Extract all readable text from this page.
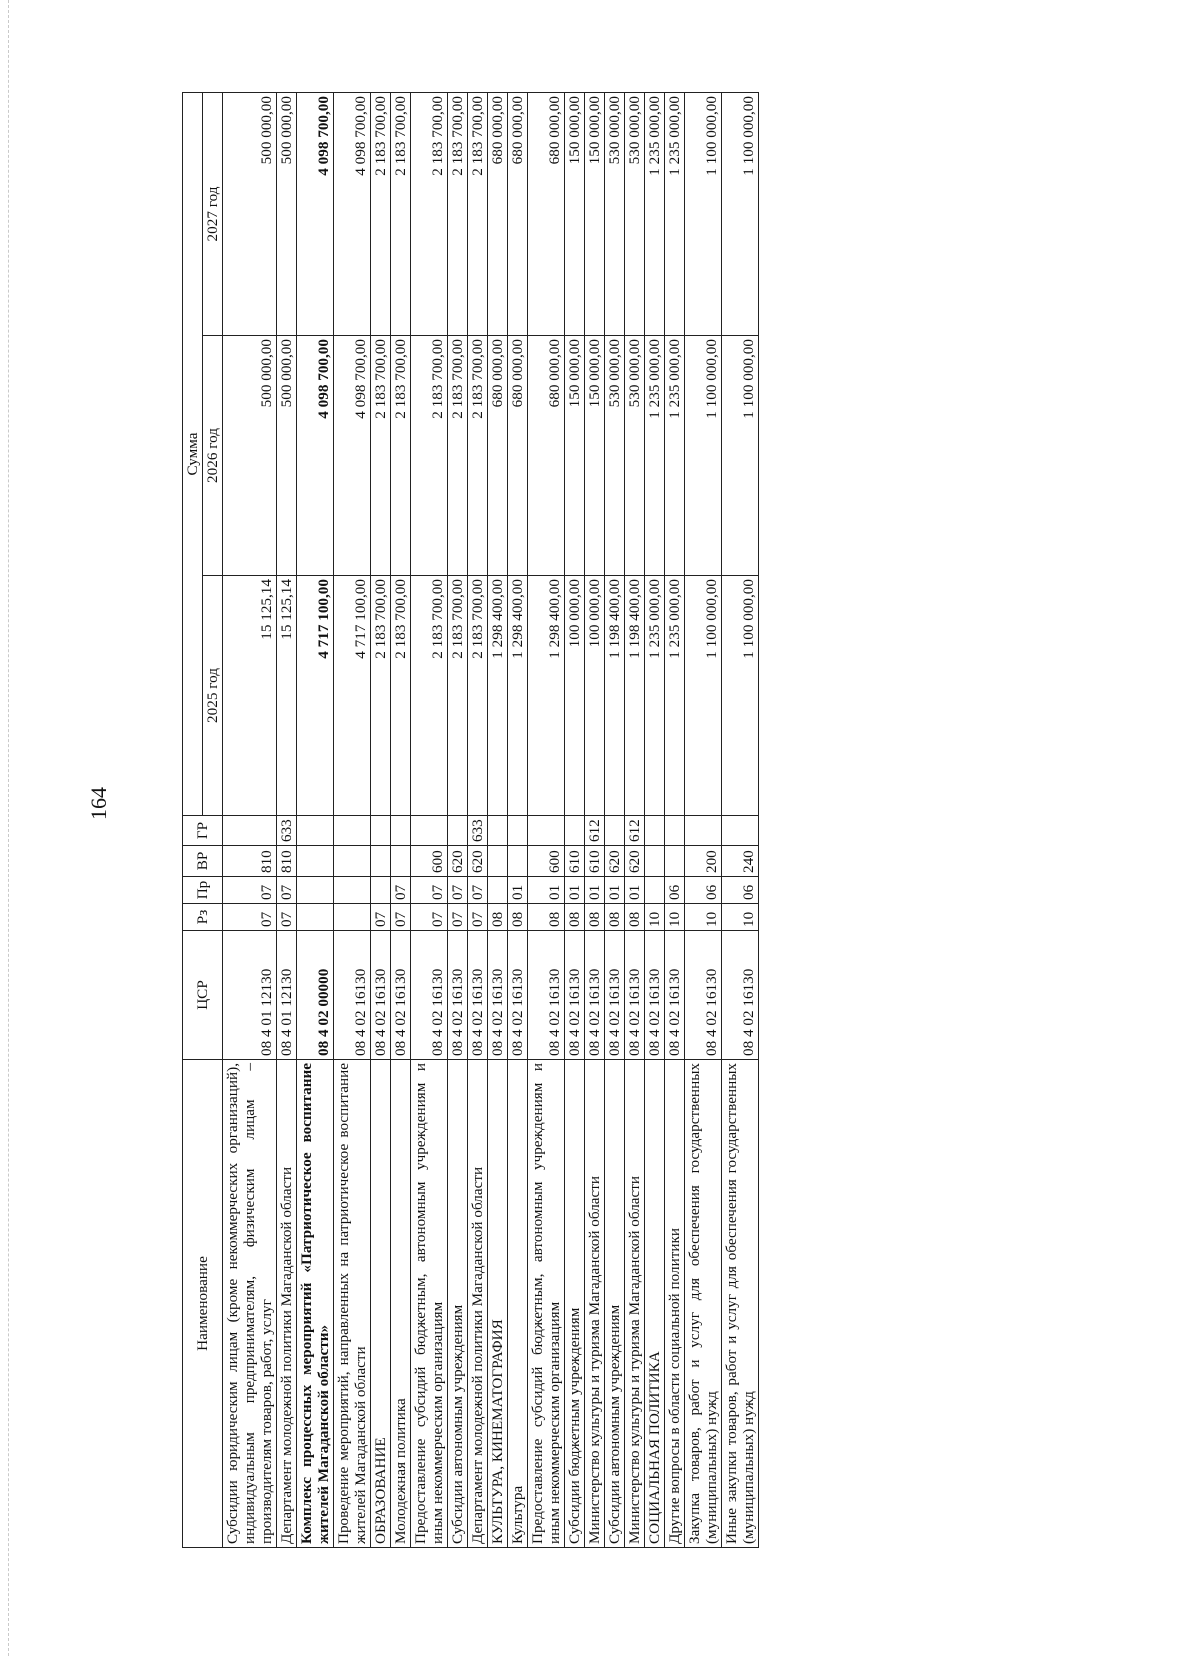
164
Наименование	ЦСР	Рз	Пр	ВР	ГР	Сумма		
						2025 год	2026 год	2027 год
Субсидии юридическим лицам (кроме некоммерческих организаций), индивидуальным предпринимателям, физическим лицам – производителям товаров, работ, услуг	08 4 01 12130	07	07	810		15 125,14	500 000,00	500 000,00
Департамент молодежной политики Магаданской области	08 4 01 12130	07	07	810	633	15 125,14	500 000,00	500 000,00
Комплекс процессных мероприятий «Патриотическое воспитание жителей Магаданской области»	08 4 02 00000					4 717 100,00	4 098 700,00	4 098 700,00
Проведение мероприятий, направленных на патриотическое воспитание жителей Магаданской области	08 4 02 16130					4 717 100,00	4 098 700,00	4 098 700,00
ОБРАЗОВАНИЕ	08 4 02 16130	07				2 183 700,00	2 183 700,00	2 183 700,00
Молодежная политика	08 4 02 16130	07	07			2 183 700,00	2 183 700,00	2 183 700,00
Предоставление субсидий бюджетным, автономным учреждениям и иным некоммерческим организациям	08 4 02 16130	07	07	600		2 183 700,00	2 183 700,00	2 183 700,00
Субсидии автономным учреждениям	08 4 02 16130	07	07	620		2 183 700,00	2 183 700,00	2 183 700,00
Департамент молодежной политики Магаданской области	08 4 02 16130	07	07	620	633	2 183 700,00	2 183 700,00	2 183 700,00
КУЛЬТУРА, КИНЕМАТОГРАФИЯ	08 4 02 16130	08				1 298 400,00	680 000,00	680 000,00
Культура	08 4 02 16130	08	01			1 298 400,00	680 000,00	680 000,00
Предоставление субсидий бюджетным, автономным учреждениям и иным некоммерческим организациям	08 4 02 16130	08	01	600		1 298 400,00	680 000,00	680 000,00
Субсидии бюджетным учреждениям	08 4 02 16130	08	01	610		100 000,00	150 000,00	150 000,00
Министерство культуры и туризма Магаданской области	08 4 02 16130	08	01	610	612	100 000,00	150 000,00	150 000,00
Субсидии автономным учреждениям	08 4 02 16130	08	01	620		1 198 400,00	530 000,00	530 000,00
Министерство культуры и туризма Магаданской области	08 4 02 16130	08	01	620	612	1 198 400,00	530 000,00	530 000,00
СОЦИАЛЬНАЯ ПОЛИТИКА	08 4 02 16130	10				1 235 000,00	1 235 000,00	1 235 000,00
Другие вопросы в области социальной политики	08 4 02 16130	10	06			1 235 000,00	1 235 000,00	1 235 000,00
Закупка товаров, работ и услуг для обеспечения государственных (муниципальных) нужд	08 4 02 16130	10	06	200		1 100 000,00	1 100 000,00	1 100 000,00
Иные закупки товаров, работ и услуг для обеспечения государственных (муниципальных) нужд	08 4 02 16130	10	06	240		1 100 000,00	1 100 000,00	1 100 000,00
